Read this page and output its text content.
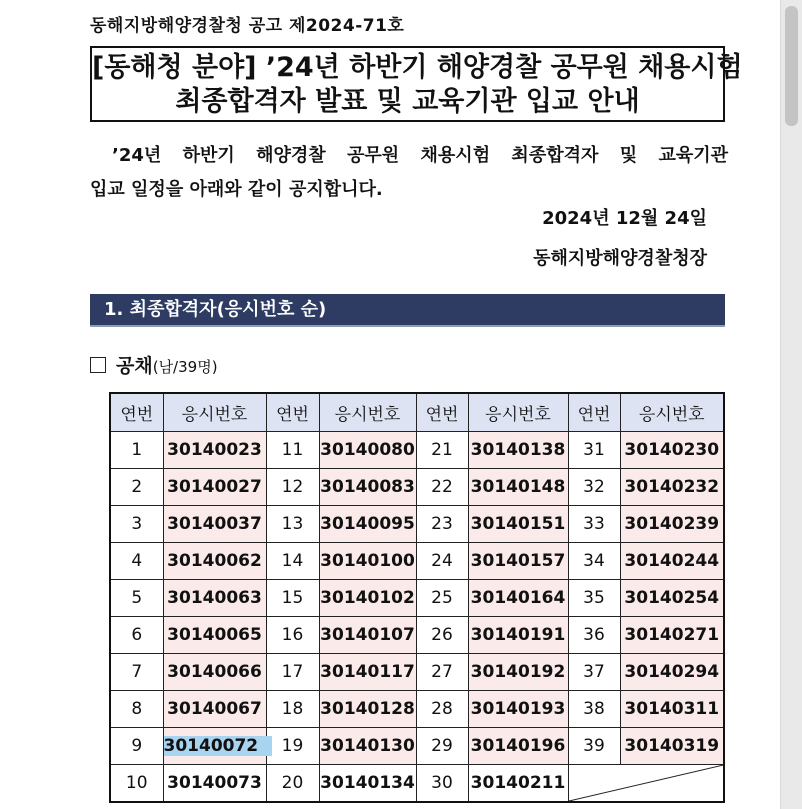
동해지방해양경찰청 공고 제2024-71호
[동해청 분야] ’24년 하반기 해양경찰 공무원 채용시험
최종합격자 발표 및 교육기관 입교 안내
’24년 하반기 해양경찰 공무원 채용시험 최종합격자 및 교육기관
입교 일정을 아래와 같이 공지합니다.
2024년 12월 24일
동해지방해양경찰청장
1. 최종합격자(응시번호 순)
공채(남/39명)
연번	응시번호	연번	응시번호	연번	응시번호	연번	응시번호
1	30140023	11	30140080	21	30140138	31	30140230
2	30140027	12	30140083	22	30140148	32	30140232
3	30140037	13	30140095	23	30140151	33	30140239
4	30140062	14	30140100	24	30140157	34	30140244
5	30140063	15	30140102	25	30140164	35	30140254
6	30140065	16	30140107	26	30140191	36	30140271
7	30140066	17	30140117	27	30140192	37	30140294
8	30140067	18	30140128	28	30140193	38	30140311
9	30140072	19	30140130	29	30140196	39	30140319
10	30140073	20	30140134	30	30140211	
